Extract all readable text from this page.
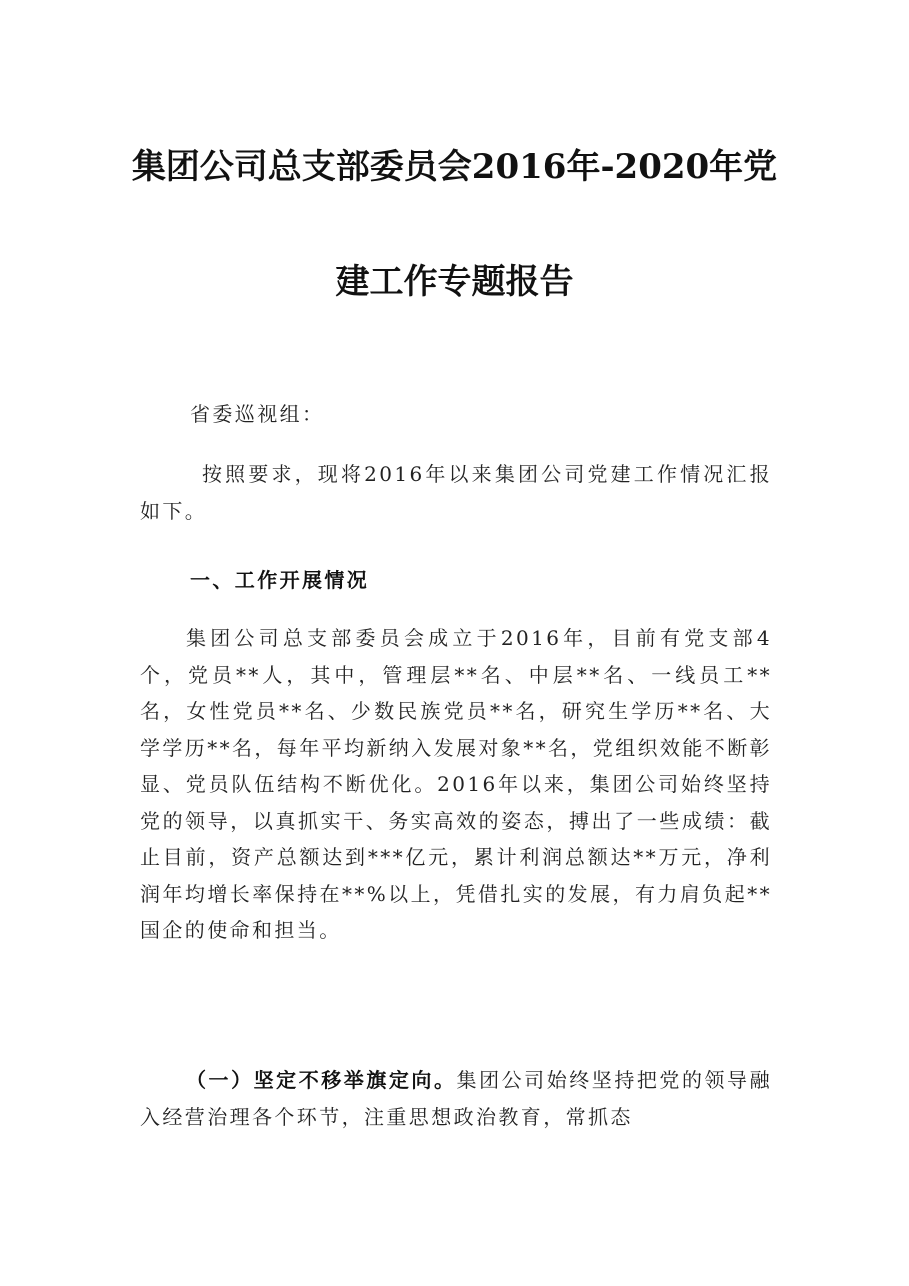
集团公司总支部委员会2016年-2020年党
建工作专题报告

省委巡视组：

按照要求，现将2016年以来集团公司党建工作情况汇报如下。

一、工作开展情况

集团公司总支部委员会成立于2016年，目前有党支部4个，党员**人，其中，管理层**名、中层**名、一线员工**名，女性党员**名、少数民族党员**名，研究生学历**名、大学学历**名，每年平均新纳入发展对象**名，党组织效能不断彰显、党员队伍结构不断优化。2016年以来，集团公司始终坚持党的领导，以真抓实干、务实高效的姿态，搏出了一些成绩：截止目前，资产总额达到***亿元，累计利润总额达**万元，净利润年均增长率保持在**%以上，凭借扎实的发展，有力肩负起**国企的使命和担当。

（一）坚定不移举旗定向。集团公司始终坚持把党的领导融入经营治理各个环节，注重思想政治教育，常抓态
